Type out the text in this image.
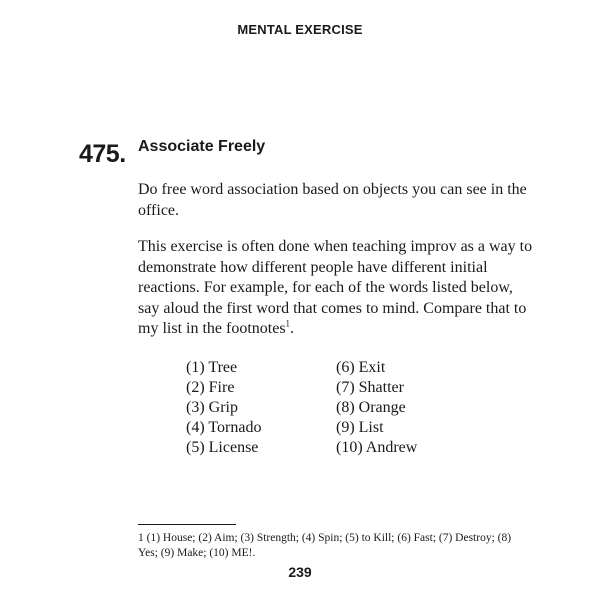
MENTAL EXERCISE
475. Associate Freely
Do free word association based on objects you can see in the office.
This exercise is often done when teaching improv as a way to demonstrate how different people have different initial reactions. For example, for each of the words listed below, say aloud the first word that comes to mind. Compare that to my list in the footnotes$^1$.
(1) Tree
(2) Fire
(3) Grip
(4) Tornado
(5) License
(6) Exit
(7) Shatter
(8) Orange
(9) List
(10) Andrew
1 (1) House; (2) Aim; (3) Strength; (4) Spin; (5) to Kill; (6) Fast; (7) Destroy; (8) Yes; (9) Make; (10) ME!.
239
